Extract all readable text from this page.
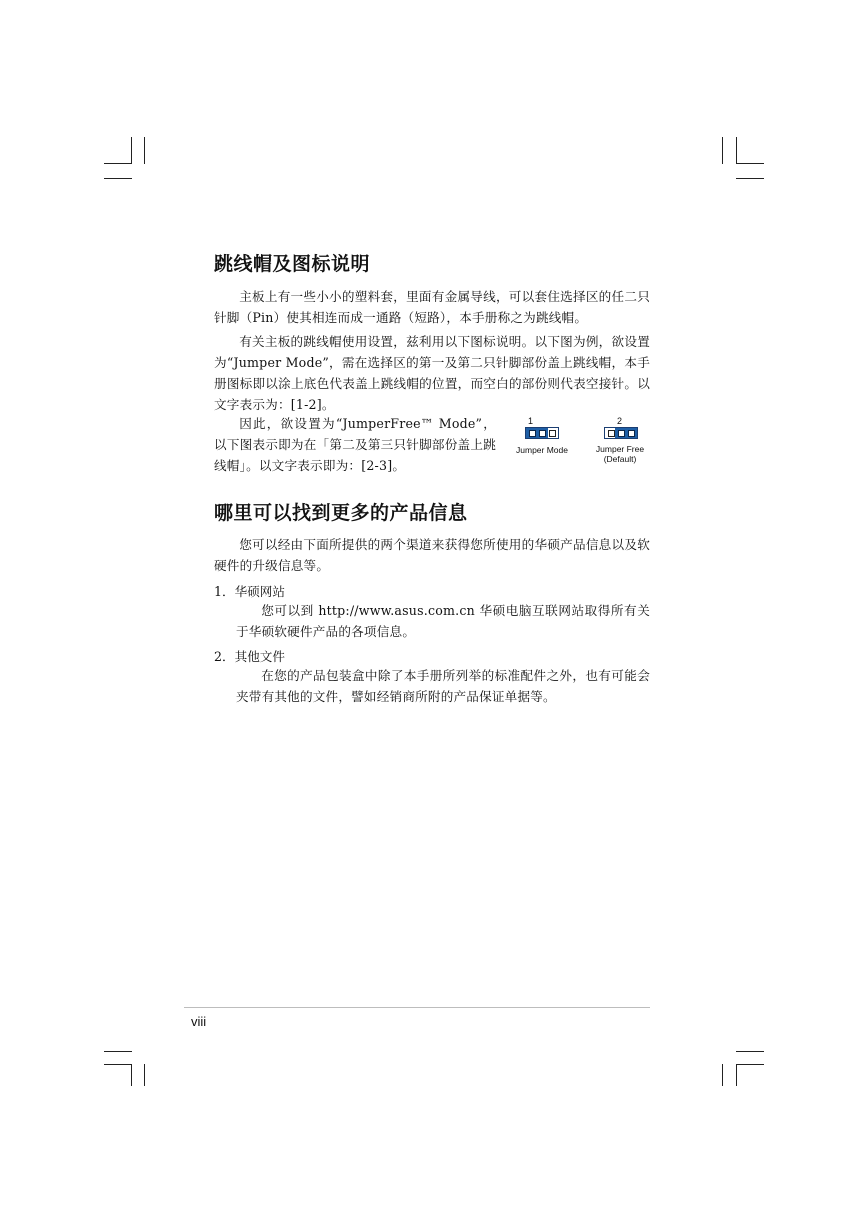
跳线帽及图标说明

主板上有一些小小的塑料套，里面有金属导线，可以套住选择区的任二只针脚（Pin）使其相连而成一通路（短路），本手册称之为跳线帽。

有关主板的跳线帽使用设置，兹利用以下图标说明。以下图为例，欲设置为“Jumper Mode”，需在选择区的第一及第二只针脚部份盖上跳线帽，本手册图标即以涂上底色代表盖上跳线帽的位置，而空白的部份则代表空接针。以文字表示为：[1-2]。

因此，欲设置为“JumperFree™ Mode”，以下图表示即为在「第二及第三只针脚部份盖上跳线帽」。以文字表示即为：[2-3]。

1
Jumper Mode
2
Jumper Free
(Default)
哪里可以找到更多的产品信息

您可以经由下面所提供的两个渠道来获得您所使用的华硕产品信息以及软硬件的升级信息等。

1．华硕网站

您可以到 http://www.asus.com.cn 华硕电脑互联网站取得所有关于华硕软硬件产品的各项信息。

2．其他文件

在您的产品包装盒中除了本手册所列举的标准配件之外，也有可能会夹带有其他的文件，譬如经销商所附的产品保证单据等。

viii
